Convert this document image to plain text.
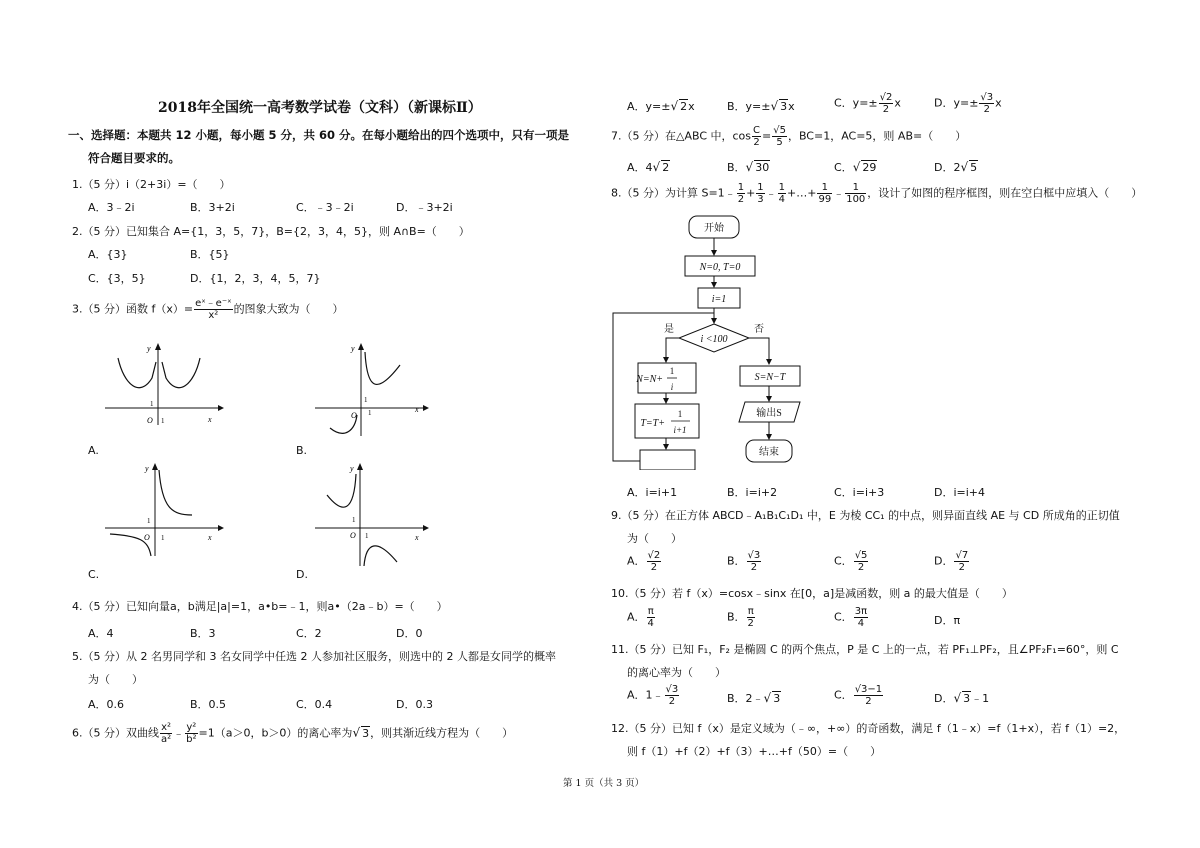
2018年全国统一高考数学试卷（文科）（新课标Ⅱ）
一、选择题：本题共 12 小题，每小题 5 分，共 60 分。在每小题给出的四个选项中，只有一项是
符合题目要求的。
1.（5 分）i（2+3i）=（　　）
A．3﹣2i	B．3+2i	C．﹣3﹣2i	D．﹣3+2i
2.（5 分）已知集合 A={1，3，5，7}，B={2，3，4，5}，则 A∩B=（　　）
A．{3}	B．{5}
C．{3，5}	D．{1，2，3，4，5，7}
3.（5 分）函数 $f(x)= \frac{\text{eˣ﹣e⁻ˣ}}{\text{x²}}$ 的图象大致为（　　）
y
x
O 1
1
A.
y
x
O 1
1
B.
y
x
O 1
1
C.
y
x
O 1
1
D.
4.（5 分）已知向量a，b满足|a|=1，a•b=﹣1，则a•（2a﹣b）=（　　）
A．4	B．3	C．2	D．0
5.（5 分）从 2 名男同学和 3 名女同学中任选 2 人参加社区服务，则选中的 2 人都是女同学的概率
为（　　）
A．0.6	B．0.5	C．0.4	D．0.3
6.（5 分）双曲线 $\frac{\text{x²}}{\text{a²}}$ ﹣ $\frac{\text{y²}}{\text{b²}} =1(a>0$，b＞0）的离心率为√ 3，则其渐近线方程为（　　）
A．y=±√ 2x	B．y=±√ 3x	C．$y=\pm \frac{√2}{2}$ x	D．$y=\pm \frac{√3}{2}$ x
7.（5 分）在△ABC 中，$\cos \frac{C}{2} = \frac{√5}{5}$ ，BC=1，AC=5，则 AB=（　　）
A．4√ 2	B．√ 30	C．√ 29	D．2√ 5
8.（5 分）为计算 S=1﹣ $\frac{1}{2} + \frac{1}{3}$ ﹣ $\frac{1}{4}$ +…+ $\frac{1}{99}$ ﹣ $\frac{1}{100}$ ，设计了如图的程序框图，则在空白框中应填入（　　）
开始
N=0, T=0
i=1
i <100
是	否
N=N+
1
i
T=T+
1
i+1
S=N−T
输出S
结束
A．i=i+1	B．i=i+2	C．i=i+3	D．i=i+4
9.（5 分）在正方体 ABCD﹣A₁B₁C₁D₁ 中，E 为棱 CC₁ 的中点，则异面直线 AE 与 CD 所成角的正切值
为（　　）
A． $\frac{√2}{2}$	B． $\frac{√3}{2}$	C． $\frac{√5}{2}$	D． $\frac{√7}{2}$
10.（5 分）若 f（x）=cosx﹣sinx 在[0，a]是减函数，则 a 的最大值是（　　）
A． $\frac{\pi}{4}$	B． $\frac{\pi}{2}$	C． $\frac{3\pi}{4}$	D．π
11.（5 分）已知 F₁，F₂ 是椭圆 C 的两个焦点，P 是 C 上的一点，若 PF₁⊥PF₂，且∠PF₂F₁=60°，则 C
的离心率为（　　）
A．1﹣ $\frac{√3}{2}$	B．2﹣√ 3	C． $\frac{√3-1}{2}$	D．√ 3﹣1
12.（5 分）已知 f（x）是定义域为（﹣∞，+∞）的奇函数，满足 f（1﹣x）=f（1+x），若 f（1）=2，
则 f（1）+f（2）+f（3）+…+f（50）=（　　）
第 1 页（共 3 页）
